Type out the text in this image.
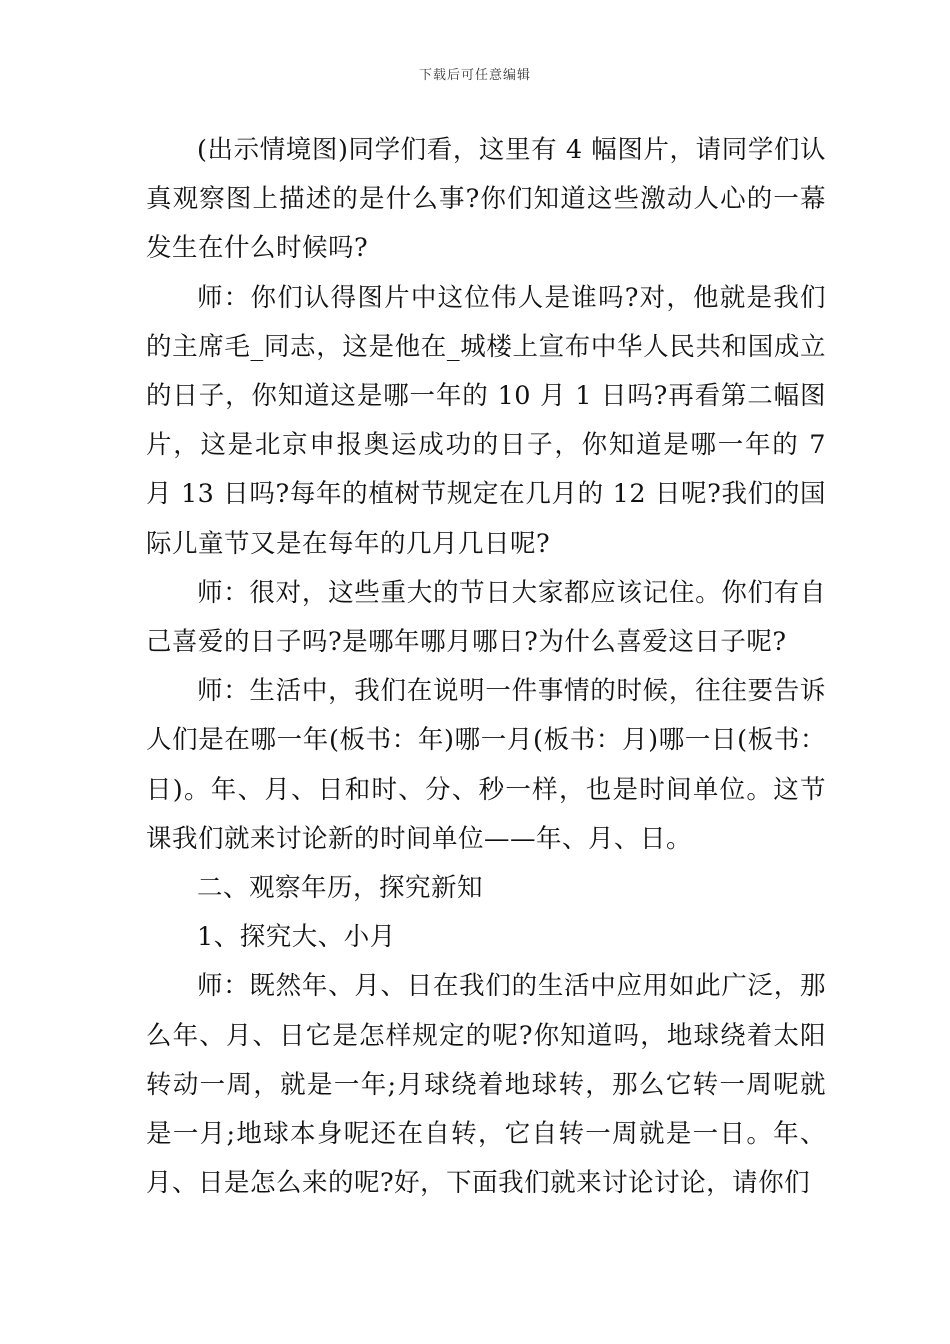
下载后可任意编辑

(出示情境图)同学们看，这里有 4 幅图片，请同学们认真观察图上描述的是什么事?你们知道这些激动人心的一幕发生在什么时候吗?

师：你们认得图片中这位伟人是谁吗?对，他就是我们的主席毛_同志，这是他在_城楼上宣布中华人民共和国成立的日子，你知道这是哪一年的 10 月 1 日吗?再看第二幅图片，这是北京申报奥运成功的日子，你知道是哪一年的 7 月 13 日吗?每年的植树节规定在几月的 12 日呢?我们的国际儿童节又是在每年的几月几日呢?

师：很对，这些重大的节日大家都应该记住。你们有自己喜爱的日子吗?是哪年哪月哪日?为什么喜爱这日子呢?

师：生活中，我们在说明一件事情的时候，往往要告诉人们是在哪一年(板书：年)哪一月(板书：月)哪一日(板书：日)。年、月、日和时、分、秒一样，也是时间单位。这节课我们就来讨论新的时间单位——年、月、日。

二、观察年历，探究新知

1、探究大、小月

师：既然年、月、日在我们的生活中应用如此广泛，那么年、月、日它是怎样规定的呢?你知道吗，地球绕着太阳转动一周，就是一年;月球绕着地球转，那么它转一周呢就是一月;地球本身呢还在自转，它自转一周就是一日。年、月、日是怎么来的呢?好，下面我们就来讨论讨论，请你们
